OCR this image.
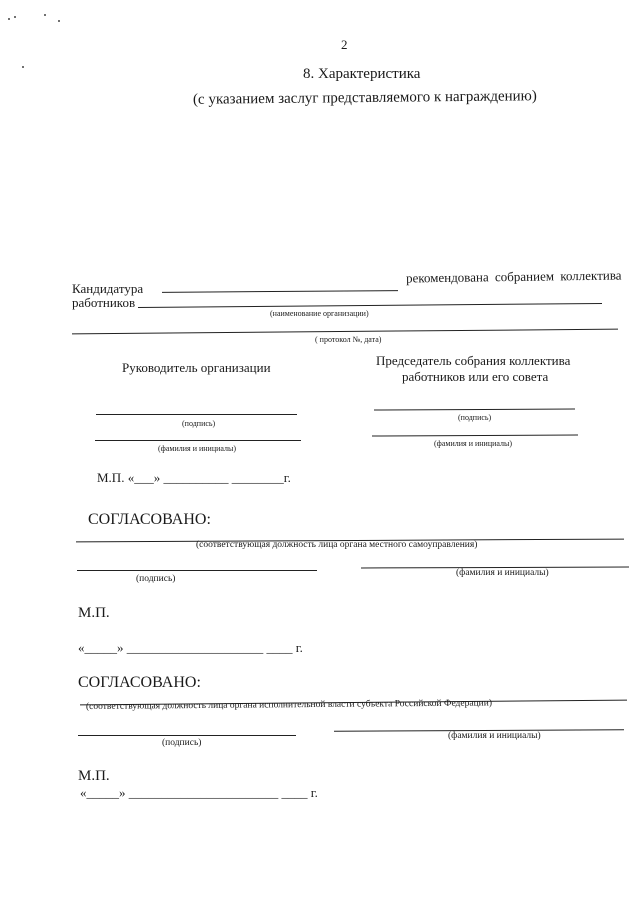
2
8. Характеристика
(с указанием заслуг представляемого к награждению)
Кандидатура
рекомендована собранием коллектива
работников
(наименование организации)
( протокол №, дата)
Руководитель организации	Председатель собрания коллектива
работников или его совета
(подпись)
(фамилия и инициалы)
(подпись)
(фамилия и инициалы)
М.П. «___» __________ ________г.
СОГЛАСОВАНО:
(соответствующая должность лица органа местного самоуправления)
(подпись)
(фамилия и инициалы)
М.П.
«_____» _____________________ ____ г.
СОГЛАСОВАНО:
(соответствующая должность лица органа исполнительной власти субъекта Российской Федерации)
(подпись)
(фамилия и инициалы)
М.П.
«_____» _______________________ ____ г.
